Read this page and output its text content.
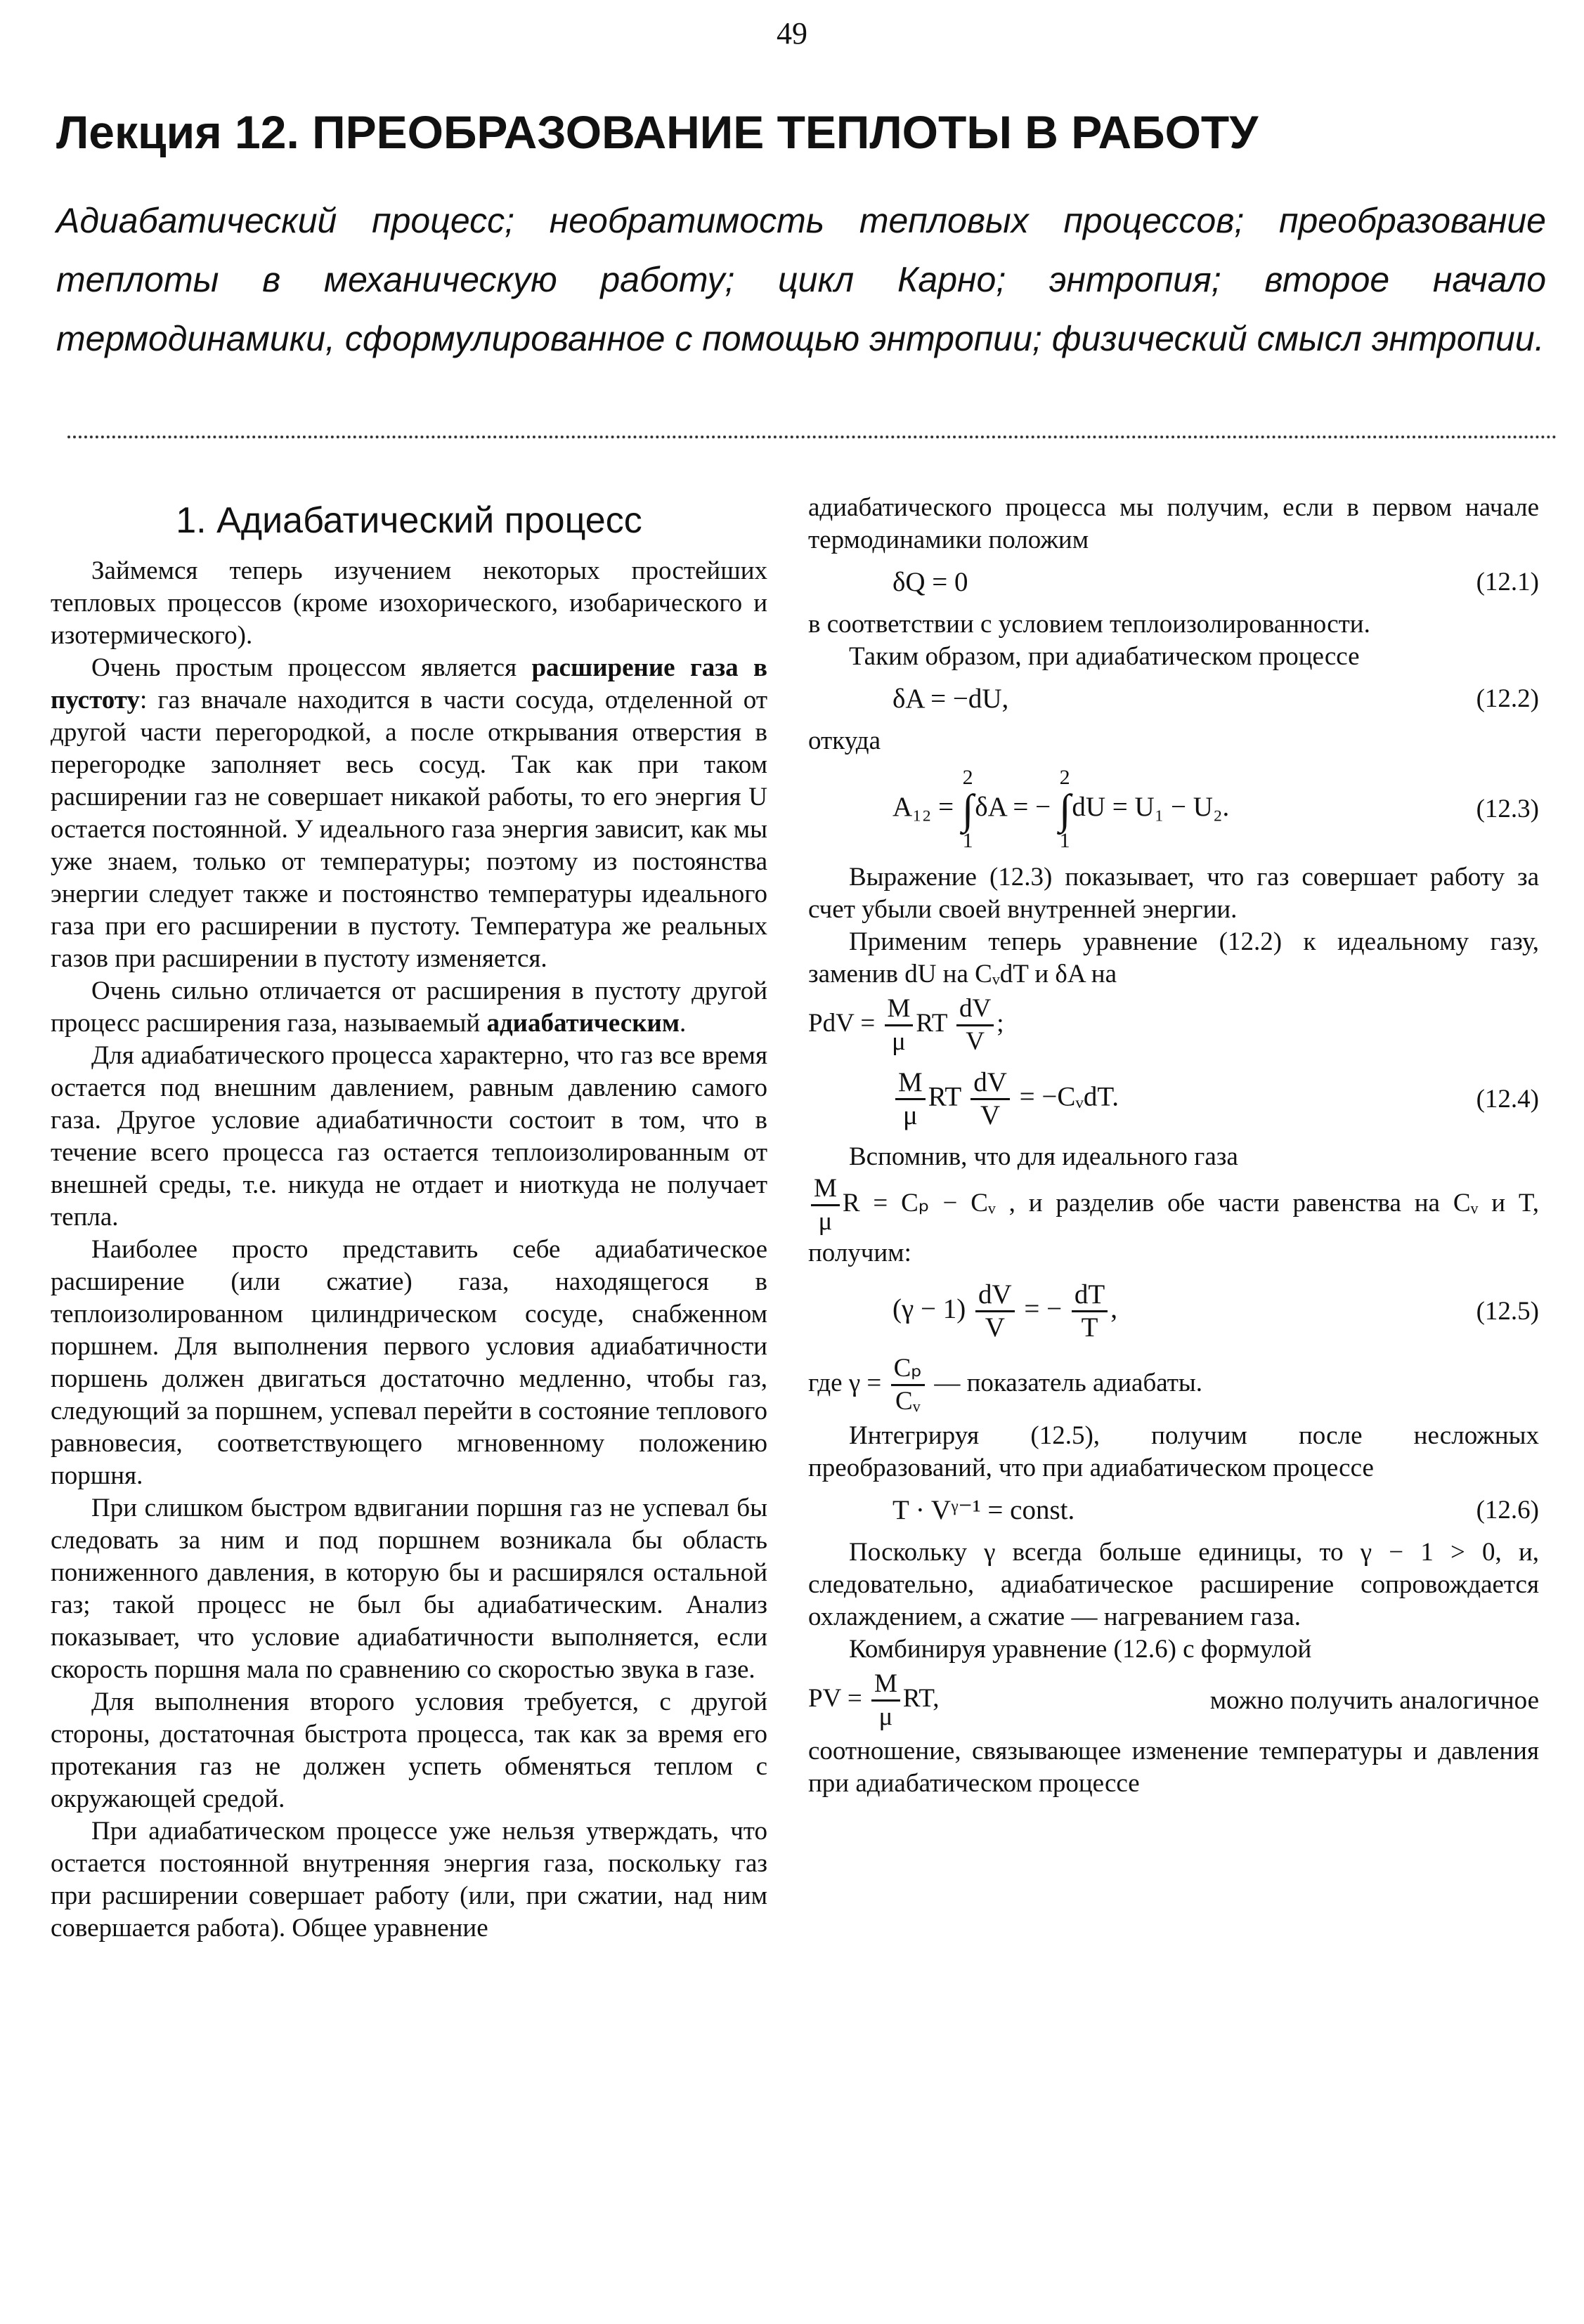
49
Лекция 12. ПРЕОБРАЗОВАНИЕ ТЕПЛОТЫ В РАБОТУ
Адиабатический процесс; необратимость тепловых процессов; преобразование теплоты в механическую работу; цикл Карно; энтропия; второе начало термодинамики, сформулированное с помощью энтропии; физический смысл энтропии.
1. Адиабатический процесс

Займемся теперь изучением некоторых простейших тепловых процессов (кроме изохорического, изобарического и изотермического).

Очень простым процессом является расширение газа в пустоту: газ вначале находится в части сосуда, отделенной от другой части перегородкой, а после открывания отверстия в перегородке заполняет весь сосуд. Так как при таком расширении газ не совершает никакой работы, то его энергия U остается постоянной. У идеального газа энергия зависит, как мы уже знаем, только от температуры; поэтому из постоянства энергии следует также и постоянство температуры идеального газа при его расширении в пустоту. Температура же реальных газов при расширении в пустоту изменяется.

Очень сильно отличается от расширения в пустоту другой процесс расширения газа, называемый адиабатическим.

Для адиабатического процесса характерно, что газ все время остается под внешним давлением, равным давлению самого газа. Другое условие адиабатичности состоит в том, что в течение всего процесса газ остается теплоизолированным от внешней среды, т.е. никуда не отдает и ниоткуда не получает тепла.

Наиболее просто представить себе адиабатическое расширение (или сжатие) газа, находящегося в теплоизолированном цилиндрическом сосуде, снабженном поршнем. Для выполнения первого условия адиабатичности поршень должен двигаться достаточно медленно, чтобы газ, следующий за поршнем, успевал перейти в состояние теплового равновесия, соответствующего мгновенному положению поршня.

При слишком быстром вдвигании поршня газ не успевал бы следовать за ним и под поршнем возникала бы область пониженного давления, в которую бы и расширялся остальной газ; такой процесс не был бы адиабатическим. Анализ показывает, что условие адиабатичности выполняется, если скорость поршня мала по сравнению со скоростью звука в газе.

Для выполнения второго условия требуется, с другой стороны, достаточная быстрота процесса, так как за время его протекания газ не должен успеть обменяться теплом с окружающей средой.

При адиабатическом процессе уже нельзя утверждать, что остается постоянной внутренняя энергия газа, поскольку газ при расширении совершает работу (или, при сжатии, над ним совершается работа). Общее уравнение

адиабатического процесса мы получим, если в первом начале термодинамики положим

δQ = 0	(12.1)

в соответствии с условием теплоизолированности.

Таким образом, при адиабатическом процессе

δA = −dU,	(12.2)

откуда

A₁₂ = 2
∫
1δA = − 2
∫
1dU = U₁ − U₂.	(12.3)

Выражение (12.3) показывает, что газ совершает работу за счет убыли своей внутренней энергии.

Применим теперь уравнение (12.2) к идеальному газу, заменив dU на CᵥdT и δA на

PdV = $\frac{M}{\mu}$ RT $\frac{dV}{V}$ ;
$\frac{M}{\mu}$ RT $\frac{dV}{V}$ = −CᵥdT.	(12.4)

Вспомнив, что для идеального газа

$\frac{M}{\mu}$ R = Cₚ − Cᵥ , и разделив обе части равенства на Cᵥ и T, получим:
$(\gamma - 1) \frac{dV}{V}$ = − $\frac{dT}{T}$ ,	(12.5)
где $\gamma = \frac{\text{Cₚ}}{\text{Cᵥ}}$ — показатель адиабаты.

Интегрируя (12.5), получим после несложных преобразований, что при адиабатическом процессе

T · Vᵞ⁻¹ = const.	(12.6)

Поскольку γ всегда больше единицы, то γ − 1 > 0, и, следовательно, адиабатическое расширение сопровождается охлаждением, а сжатие — нагреванием газа.

Комбинируя уравнение (12.6) с формулой

PV = $\frac{M}{\mu}$ RT,	можно получить аналогичное

соотношение, связывающее изменение температуры и давления при адиабатическом процессе
